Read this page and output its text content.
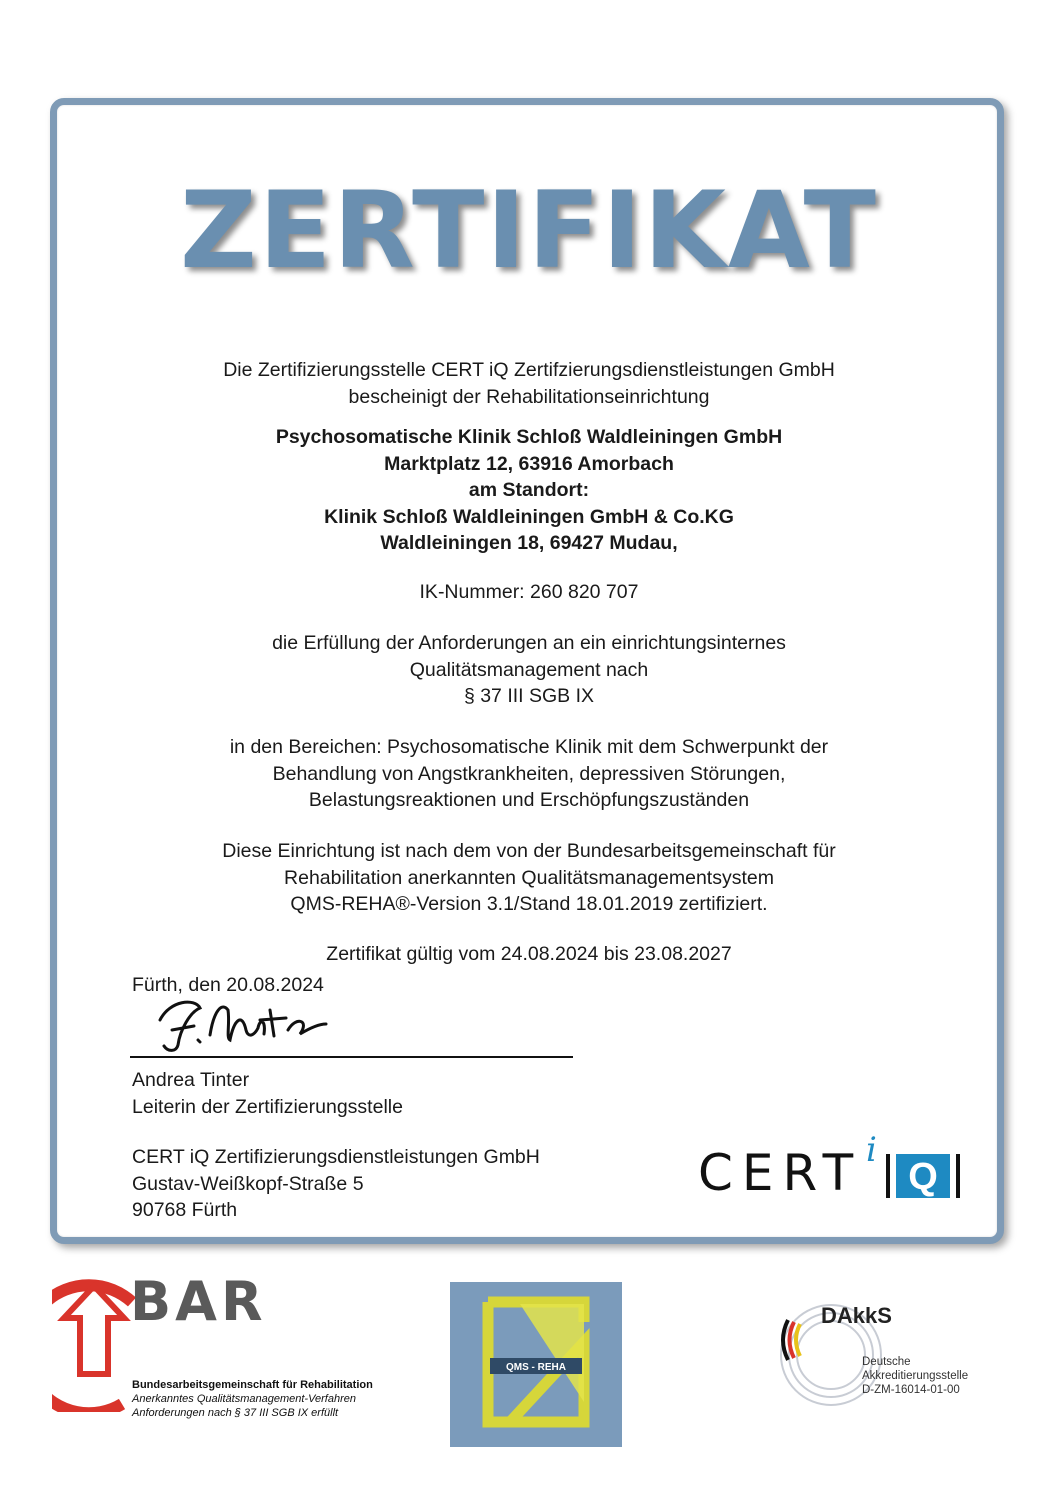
ZERTIFIKAT

Die Zertifizierungsstelle CERT iQ Zertifzierungsdienstleistungen GmbH

bescheinigt der Rehabilitationseinrichtung

Psychosomatische Klinik Schloß Waldleiningen GmbH

Marktplatz 12, 63916 Amorbach

am Standort:

Klinik Schloß Waldleiningen GmbH & Co.KG

Waldleiningen 18, 69427 Mudau,

IK-Nummer: 260 820 707

die Erfüllung der Anforderungen an ein einrichtungsinternes

Qualitätsmanagement nach

§ 37 III SGB IX

in den Bereichen: Psychosomatische Klinik mit dem Schwerpunkt der

Behandlung von Angstkrankheiten, depressiven Störungen,

Belastungsreaktionen und Erschöpfungszuständen

Diese Einrichtung ist nach dem von der Bundesarbeitsgemeinschaft für

Rehabilitation anerkannten Qualitätsmanagementsystem

QMS-REHA®-Version 3.1/Stand 18.01.2019 zertifiziert.

Zertifikat gültig vom 24.08.2024 bis 23.08.2027
Fürth, den 20.08.2024

Andrea Tinter

Leiterin der Zertifizierungsstelle

CERT iQ Zertifizierungsdienstleistungen GmbH

Gustav-Weißkopf-Straße 5

90768 Fürth

CERT i
Q
BAR
Bundesarbeitsgemeinschaft für Rehabilitation
Anerkanntes Qualitätsmanagement-Verfahren
Anforderungen nach § 37 III SGB IX erfüllt
QMS - REHA
DAkkS
Deutsche
Akkreditierungsstelle
D-ZM-16014-01-00
